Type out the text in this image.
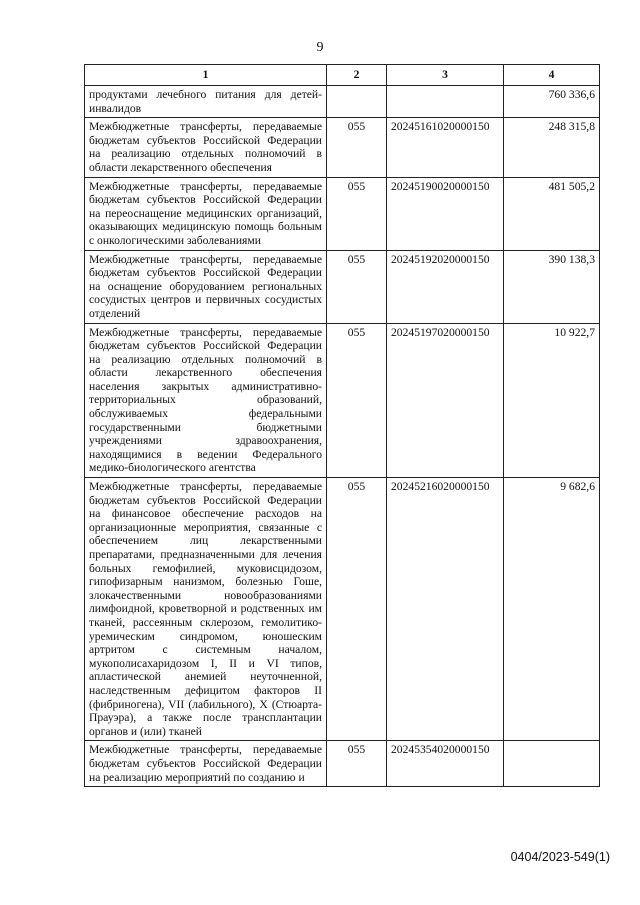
9
1	2	3	4
продуктами лечебного питания для детей-инвалидов			760 336,6
Межбюджетные трансферты, передаваемые бюджетам субъектов Российской Федерации на реализацию отдельных полномочий в области лекарственного обеспечения	055	20245161020000150	248 315,8
Межбюджетные трансферты, передаваемые бюджетам субъектов Российской Федерации на переоснащение медицинских организаций, оказывающих медицинскую помощь больным с онкологическими заболеваниями	055	20245190020000150	481 505,2
Межбюджетные трансферты, передаваемые бюджетам субъектов Российской Федерации на оснащение оборудованием региональных сосудистых центров и первичных сосудистых отделений	055	20245192020000150	390 138,3
Межбюджетные трансферты, передаваемые бюджетам субъектов Российской Федерации на реализацию отдельных полномочий в области лекарственного обеспечения населения закрытых административно-территориальных образований, обслуживаемых федеральными государственными бюджетными учреждениями здравоохранения, находящимися в ведении Федерального медико-биологического агентства	055	20245197020000150	10 922,7
Межбюджетные трансферты, передаваемые бюджетам субъектов Российской Федерации на финансовое обеспечение расходов на организационные мероприятия, связанные с обеспечением лиц лекарственными препаратами, предназначенными для лечения больных гемофилией, муковисцидозом, гипофизарным нанизмом, болезнью Гоше, злокачественными новообразованиями лимфоидной, кроветворной и родственных им тканей, рассеянным склерозом, гемолитико-уремическим синдромом, юношеским артритом с системным началом, мукополисахаридозом I, II и VI типов, апластической анемией неуточненной, наследственным дефицитом факторов II (фибриногена), VII (лабильного), X (Стюарта-Прауэра), а также после трансплантации органов и (или) тканей	055	20245216020000150	9 682,6
Межбюджетные трансферты, передаваемые бюджетам субъектов Российской Федерации на реализацию мероприятий по созданию и	055	20245354020000150	
0404/2023-549(1)
